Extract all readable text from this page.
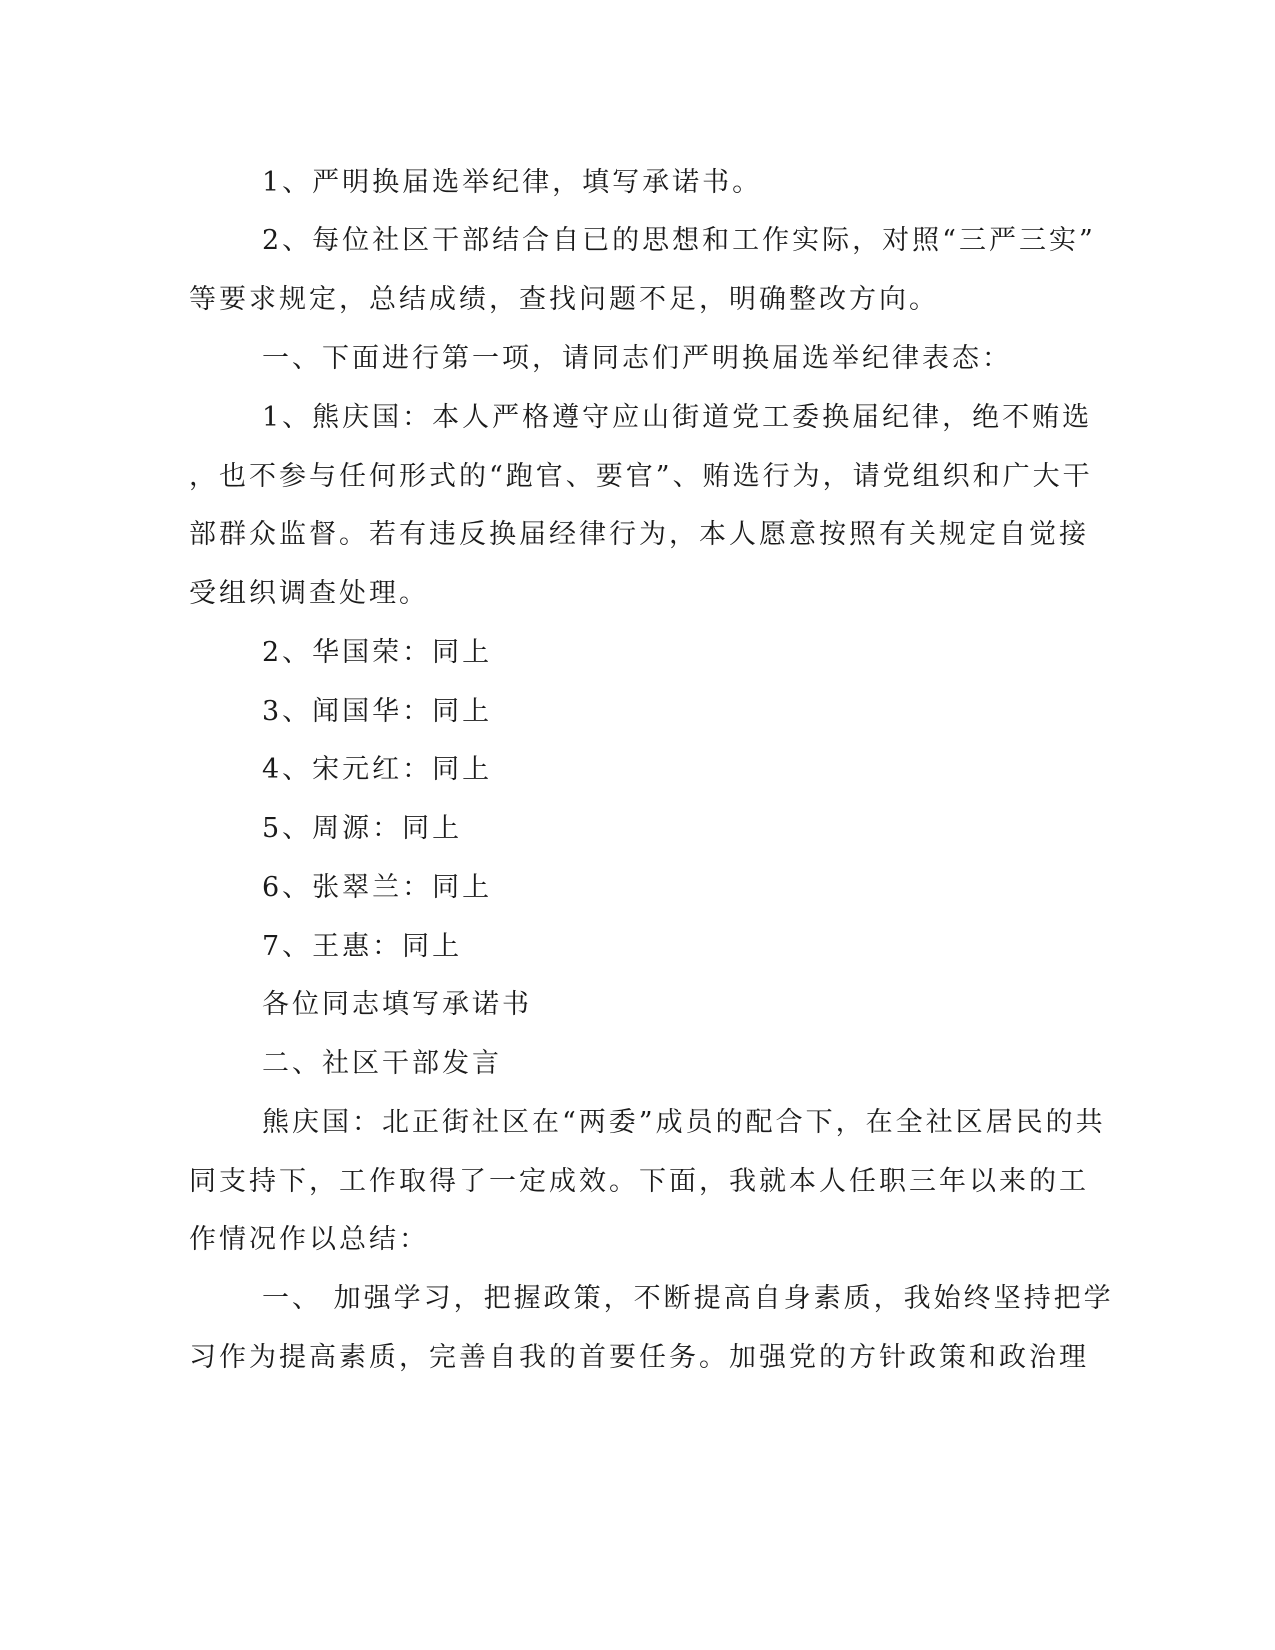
1、严明换届选举纪律，填写承诺书。

2、每位社区干部结合自已的思想和工作实际，对照“三严三实”

等要求规定，总结成绩，查找问题不足，明确整改方向。

一、下面进行第一项，请同志们严明换届选举纪律表态：

1、熊庆国：本人严格遵守应山街道党工委换届纪律，绝不贿选

，也不参与任何形式的“跑官、要官”、贿选行为，请党组织和广大干

部群众监督。若有违反换届经律行为，本人愿意按照有关规定自觉接

受组织调查处理。

2、华国荣：同上

3、闻国华：同上

4、宋元红：同上

5、周源：同上

6、张翠兰：同上

7、王惠：同上

各位同志填写承诺书

二、社区干部发言

熊庆国：北正街社区在“两委”成员的配合下，在全社区居民的共

同支持下，工作取得了一定成效。下面，我就本人任职三年以来的工

作情况作以总结：

一、 加强学习，把握政策，不断提高自身素质，我始终坚持把学

习作为提高素质，完善自我的首要任务。加强党的方针政策和政治理
